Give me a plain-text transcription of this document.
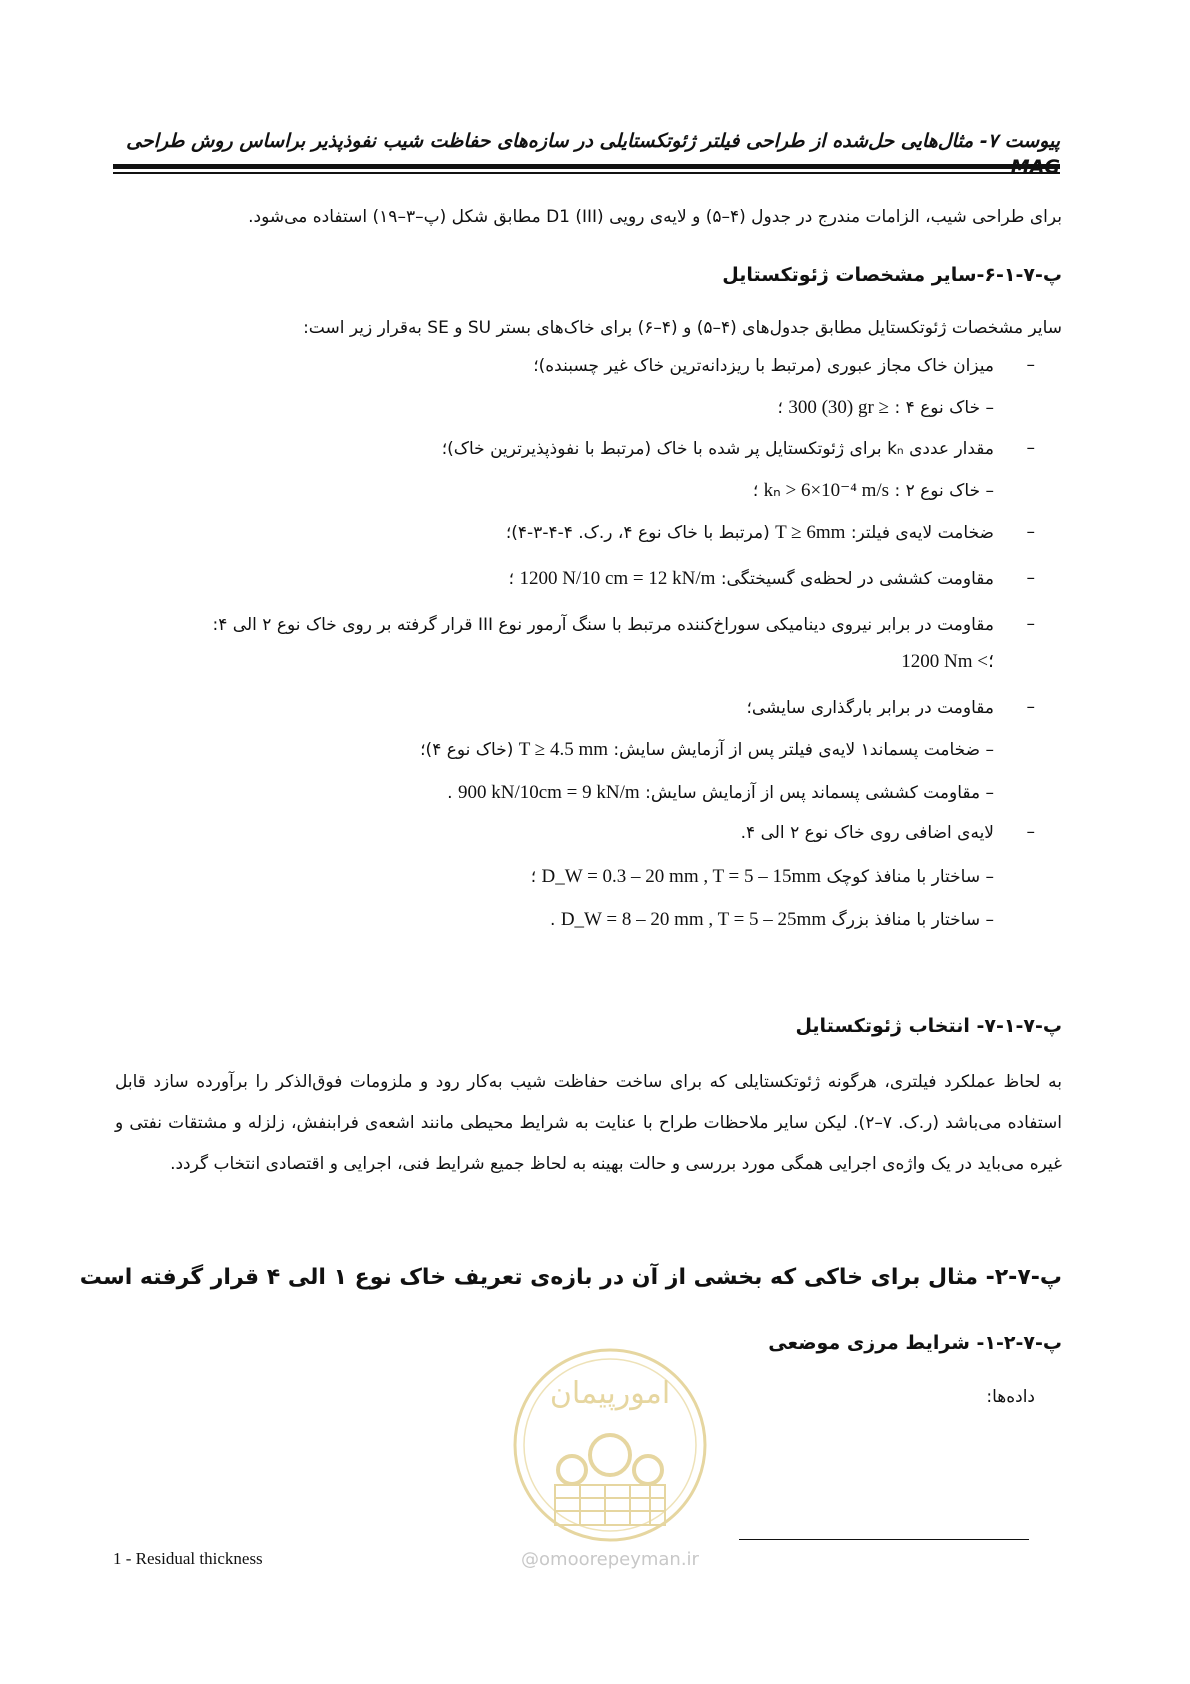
پیوست ۷- مثال‌هایی حل‌شده از طراحی فیلتر ژئوتکستایلی در سازه‌های حفاظت شیب نفوذپذیر براساس روش طراحی
برای طراحی شیب، الزامات مندرج در جدول (۴–۵) و لایه‌ی رویی D1 (III) مطابق شکل (پ–۳–۱۹) استفاده می‌شود.
پ-۷-۱-۶-سایر مشخصات ژئوتکستایل
سایر مشخصات ژئوتکستایل مطابق جدول‌های (۴–۵) و (۴–۶) برای خاک‌های بستر SU و SE به‌قرار زیر است:
–
میزان خاک مجاز عبوری (مرتبط با ریزدانه‌ترین خاک غیر چسبنده)؛
– خاک نوع ۴ : 300 (30) gr ≥ ؛
–
مقدار عددی kₙ برای ژئوتکستایل پر شده با خاک (مرتبط با نفوذپذیرترین خاک)؛
– خاک نوع ۲ : kₙ > 6×10⁻⁴ m/s ؛
–
ضخامت لایه‌ی فیلتر: T ≥ 6mm (مرتبط با خاک نوع ۴، ر.ک. ۴-۴-۳-۴)؛
–
مقاومت کششی در لحظه‌ی گسیختگی: 1200 N/10 cm = 12 kN/m ؛
–
مقاومت در برابر نیروی دینامیکی سوراخ‌کننده مرتبط با سنگ آرمور نوع III قرار گرفته بر روی خاک نوع ۲ الی ۴:
1200 Nm <؛
–
مقاومت در برابر بارگذاری سایشی؛
– ضخامت پسماند۱ لایه‌ی فیلتر پس از آزمایش سایش: T ≥ 4.5 mm (خاک نوع ۴)؛
– مقاومت کششی پسماند پس از آزمایش سایش: 900 kN/10cm = 9 kN/m .
–
لایه‌ی اضافی روی خاک نوع ۲ الی ۴.
– ساختار با منافذ کوچک D_W = 0.3 – 20 mm , T = 5 – 15mm ؛
– ساختار با منافذ بزرگ D_W = 8 – 20 mm , T = 5 – 25mm .
پ-۷-۱-۷- انتخاب ژئوتکستایل
به لحاظ عملکرد فیلتری، هرگونه ژئوتکستایلی که برای ساخت حفاظت شیب به‌کار رود و ملزومات فوق‌الذکر را برآورده سازد قابل استفاده می‌باشد (ر.ک. ۷–۲). لیکن سایر ملاحظات طراح با عنایت به شرایط محیطی مانند اشعه‌ی فرابنفش، زلزله و مشتقات نفتی و غیره می‌باید در یک واژه‌ی اجرایی همگی مورد بررسی و حالت بهینه به لحاظ جمیع شرایط فنی، اجرایی و اقتصادی انتخاب گردد.
پ-۷-۲- مثال برای خاکی که بخشی از آن در بازه‌ی تعریف خاک نوع ۱ الی ۴ قرار گرفته است
پ-۷-۲-۱- شرایط مرزی موضعی
داده‌ها:
امورپیمان
@omoorepeyman.ir
1 - Residual thickness
